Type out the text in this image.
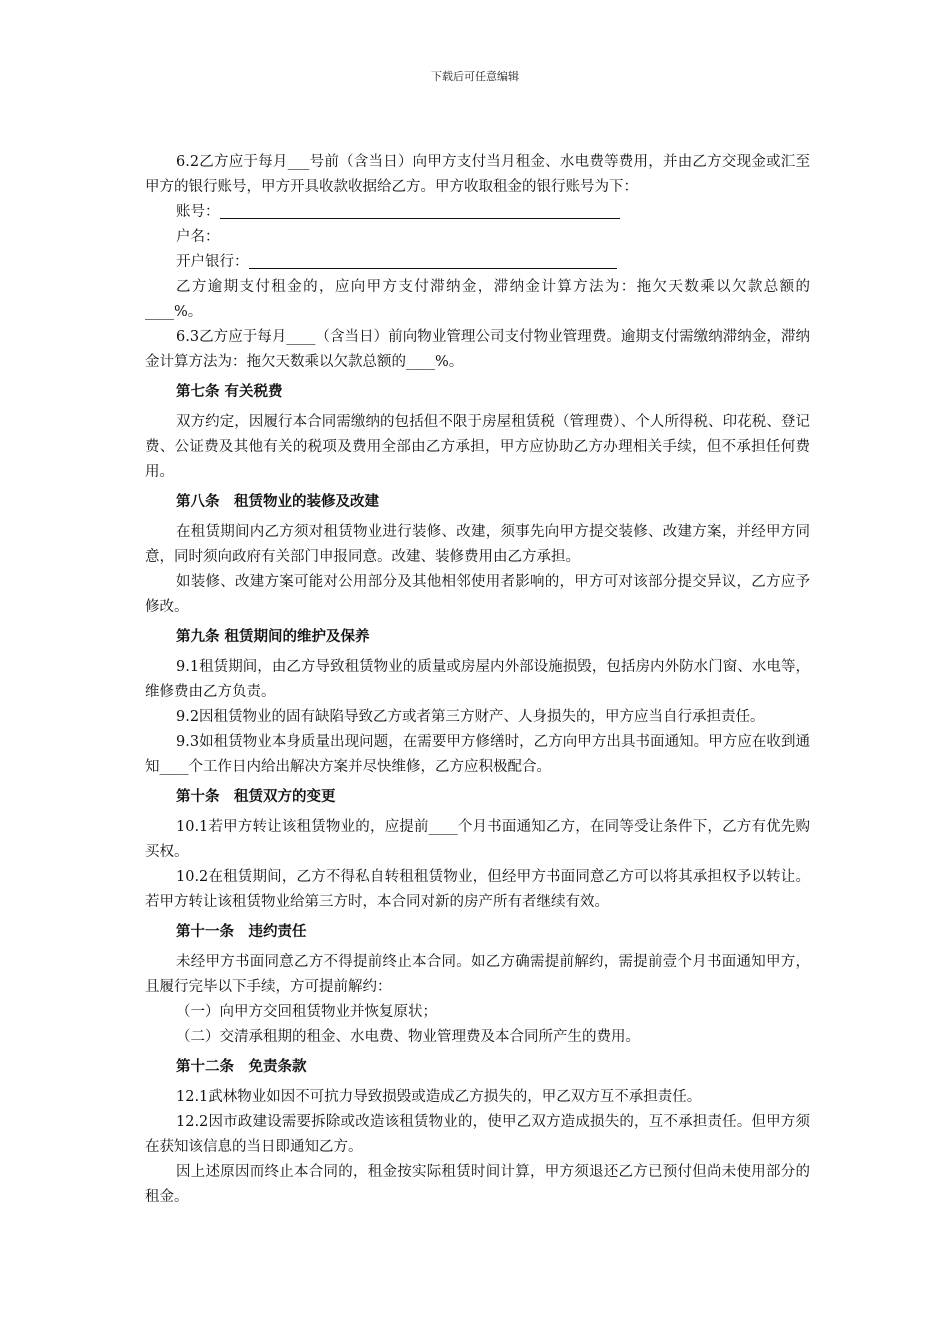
下载后可任意编辑

6.2乙方应于每月___号前（含当日）向甲方支付当月租金、水电费等费用，并由乙方交现金或汇至甲方的银行账号，甲方开具收款收据给乙方。甲方收取租金的银行账号为下：

账号：
户名：
开户银行：

乙方逾期支付租金的，应向甲方支付滞纳金，滞纳金计算方法为：拖欠天数乘以欠款总额的____%。

6.3乙方应于每月____（含当日）前向物业管理公司支付物业管理费。逾期支付需缴纳滞纳金，滞纳金计算方法为：拖欠天数乘以欠款总额的____%。

第七条 有关税费

双方约定，因履行本合同需缴纳的包括但不限于房屋租赁税（管理费）、个人所得税、印花税、登记费、公证费及其他有关的税项及费用全部由乙方承担，甲方应协助乙方办理相关手续，但不承担任何费用。

第八条　租赁物业的装修及改建

在租赁期间内乙方须对租赁物业进行装修、改建，须事先向甲方提交装修、改建方案，并经甲方同意，同时须向政府有关部门申报同意。改建、装修费用由乙方承担。

如装修、改建方案可能对公用部分及其他相邻使用者影响的，甲方可对该部分提交异议，乙方应予修改。

第九条 租赁期间的维护及保养

9.1租赁期间，由乙方导致租赁物业的质量或房屋内外部设施损毁，包括房内外防水门窗、水电等，维修费由乙方负责。

9.2因租赁物业的固有缺陷导致乙方或者第三方财产、人身损失的，甲方应当自行承担责任。

9.3如租赁物业本身质量出现问题，在需要甲方修缮时，乙方向甲方出具书面通知。甲方应在收到通知____个工作日内给出解决方案并尽快维修，乙方应积极配合。

第十条　租赁双方的变更

10.1若甲方转让该租赁物业的，应提前____个月书面通知乙方，在同等受让条件下，乙方有优先购买权。

10.2在租赁期间，乙方不得私自转租租赁物业，但经甲方书面同意乙方可以将其承担权予以转让。若甲方转让该租赁物业给第三方时，本合同对新的房产所有者继续有效。

第十一条　违约责任

未经甲方书面同意乙方不得提前终止本合同。如乙方确需提前解约，需提前壹个月书面通知甲方，且履行完毕以下手续，方可提前解约：

（一）向甲方交回租赁物业并恢复原状；

（二）交清承租期的租金、水电费、物业管理费及本合同所产生的费用。

第十二条　免责条款

12.1武林物业如因不可抗力导致损毁或造成乙方损失的，甲乙双方互不承担责任。

12.2因市政建设需要拆除或改造该租赁物业的，使甲乙双方造成损失的，互不承担责任。但甲方须在获知该信息的当日即通知乙方。

因上述原因而终止本合同的，租金按实际租赁时间计算，甲方须退还乙方已预付但尚未使用部分的租金。
